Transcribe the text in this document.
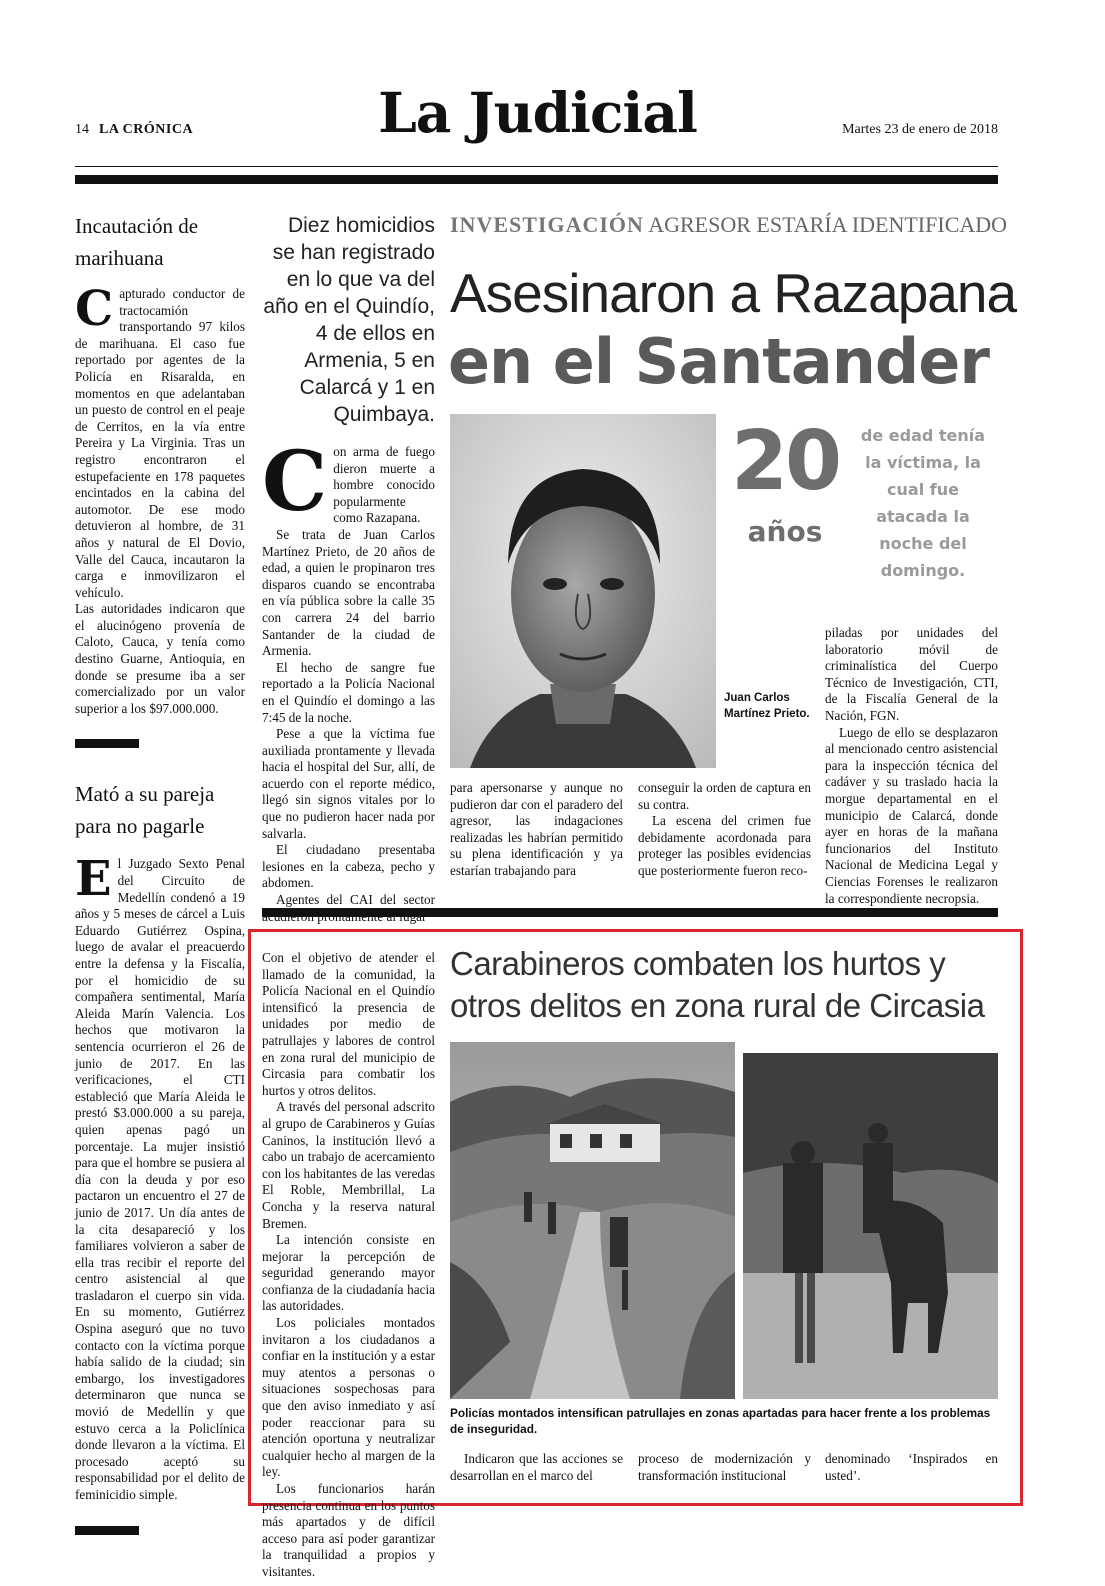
14 LA CRÓNICA	La Judicial	Martes 23 de enero de 2018
Incautación de marihuana

Capturado conductor de tractocamión transportando 97 kilos de marihuana. El caso fue reportado por agentes de la Policía en Risaralda, en momentos en que adelantaban un puesto de control en el peaje de Cerritos, en la vía entre Pereira y La Virginia. Tras un registro encontraron el estupefaciente en 178 paquetes encintados en la cabina del automotor. De ese modo detuvieron al hombre, de 31 años y natural de El Dovio, Valle del Cauca, incautaron la carga e inmovilizaron el vehículo.

Las autoridades indicaron que el alucinógeno provenía de Caloto, Cauca, y tenía como destino Guarne, Antioquia, en donde se presume iba a ser comercializado por un valor superior a los $97.000.000.

Mató a su pareja para no pagarle

El Juzgado Sexto Penal del Circuito de Medellín condenó a 19 años y 5 meses de cárcel a Luis Eduardo Gutiérrez Ospina, luego de avalar el preacuerdo entre la defensa y la Fiscalía, por el homicidio de su compañera sentimental, María Aleida Marín Valencia. Los hechos que motivaron la sentencia ocurrieron el 26 de junio de 2017. En las verificaciones, el CTI estableció que María Aleida le prestó $3.000.000 a su pareja, quien apenas pagó un porcentaje. La mujer insistió para que el hombre se pusiera al día con la deuda y por eso pactaron un encuentro el 27 de junio de 2017. Un día antes de la cita desapareció y los familiares volvieron a saber de ella tras recibir el reporte del centro asistencial al que trasladaron el cuerpo sin vida. En su momento, Gutiérrez Ospina aseguró que no tuvo contacto con la víctima porque había salido de la ciudad; sin embargo, los investigadores determinaron que nunca se movió de Medellín y que estuvo cerca a la Policlínica donde llevaron a la víctima. El procesado aceptó su responsabilidad por el delito de feminicidio simple.

Diez homicidios se han registrado en lo que va del año en el Quindío, 4 de ellos en Armenia, 5 en Calarcá y 1 en Quimbaya.
INVESTIGACIÓN AGRESOR ESTARÍA IDENTIFICADO
Asesinaron a Razapana
en el Santander
20
años
de edad tenía la víctima, la cual fue atacada la noche del domingo.
Juan Carlos Martínez Prieto.

Con arma de fuego dieron muerte a hombre conocido popularmente como Razapana.

Se trata de Juan Carlos Martínez Prieto, de 20 años de edad, a quien le propinaron tres disparos cuando se encontraba en vía pública sobre la calle 35 con carrera 24 del barrio Santander de la ciudad de Armenia.

El hecho de sangre fue reportado a la Policía Nacional en el Quindío el domingo a las 7:45 de la noche.

Pese a que la víctima fue auxiliada prontamente y llevada hacia el hospital del Sur, allí, de acuerdo con el reporte médico, llegó sin signos vitales por lo que no pudieron hacer nada por salvarla.

El ciudadano presentaba lesiones en la cabeza, pecho y abdomen.

Agentes del CAI del sector

para apersonarse y aunque no pudieron dar con el paradero del agresor, las indagaciones realizadas les habrían permitido su plena identificación y ya estarían trabajando para

conseguir la orden de captura en su contra.

La escena del crimen fue debidamente acordonada para proteger las posibles evidencias que posteriormente fueron reco-

piladas por unidades del laboratorio móvil de criminalística del Cuerpo Técnico de Investigación, CTI, de la Fiscalía General de la Nación, FGN.

Luego de ello se desplazaron al mencionado centro asistencial para la inspección técnica del cadáver y su traslado hacia la morgue departamental en el municipio de Calarcá, donde ayer en horas de la mañana funcionarios del Instituto Nacional de Medicina Legal y Ciencias Forenses le realizaron la correspondiente necropsia.

Con el objetivo de atender el llamado de la comunidad, la Policía Nacional en el Quindío intensificó la presencia de unidades por medio de patrullajes y labores de control en zona rural del municipio de Circasia para combatir los hurtos y otros delitos.

A través del personal adscrito al grupo de Carabineros y Guías Caninos, la institución llevó a cabo un trabajo de acercamiento con los habitantes de las veredas El Roble, Membrillal, La Concha y la reserva natural Bremen.

La intención consiste en mejorar la percepción de seguridad generando mayor confianza de la ciudadanía hacia las autoridades.

Los policiales montados invitaron a los ciudadanos a confiar en la institución y a estar muy atentos a personas o situaciones sospechosas para que den aviso inmediato y así poder reaccionar para su atención oportuna y neutralizar cualquier hecho al margen de la ley.

Los funcionarios harán presencia continua en los puntos más apartados y de difícil acceso para así poder garantizar la tranquilidad a propios y visitantes.

Carabineros combaten los hurtos y
otros delitos en zona rural de Circasia
Policías montados intensifican patrullajes en zonas apartadas para hacer frente a los problemas de inseguridad.

Indicaron que las acciones se desarrollan en el marco del

proceso de modernización y transformación institucional

denominado ‘Inspirados en usted’.
